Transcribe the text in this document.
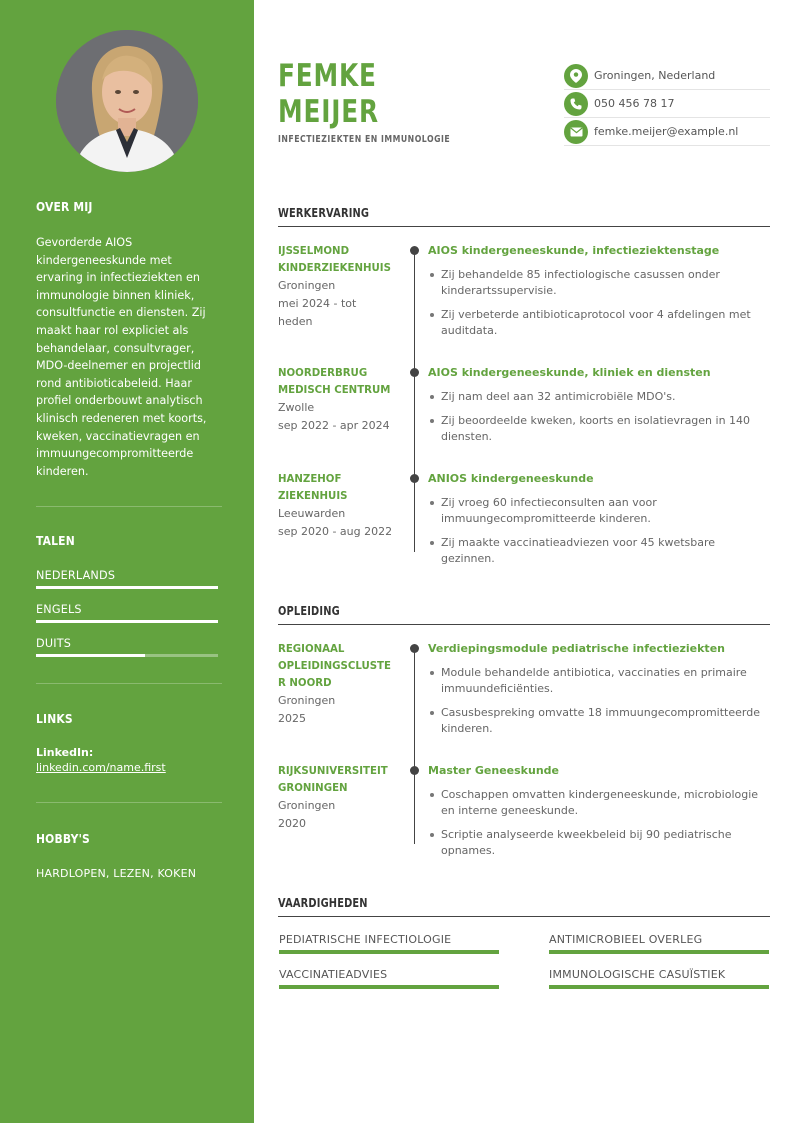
OVER MIJ

Gevorderde AIOS kindergeneeskunde met ervaring in infectieziekten en immunologie binnen kliniek, consultfunctie en diensten. Zij maakt haar rol expliciet als behandelaar, consultvrager, MDO-deelnemer en projectlid rond antibioticabeleid. Haar profiel onderbouwt analytisch klinisch redeneren met koorts, kweken, vaccinatievragen en immuungecompromitteerde kinderen.

TALEN
NEDERLANDS
ENGELS
DUITS
LINKS
LinkedIn:
linkedin.com/name.first
HOBBY'S
HARDLOPEN, LEZEN, KOKEN
FEMKE
MEIJER
INFECTIEZIEKTEN EN IMMUNOLOGIE
Groningen, Nederland
050 456 78 17
femke.meijer@example.nl
WERKERVARING
IJSSELMOND KINDERZIEKENHUIS
Groningen
mei 2024 - tot heden
AIOS kindergeneeskunde, infectieziektenstage
Zij behandelde 85 infectiologische casussen onder kinderartssupervisie.
Zij verbeterde antibioticaprotocol voor 4 afdelingen met auditdata.
NOORDERBRUG MEDISCH CENTRUM
Zwolle
sep 2022 - apr 2024
AIOS kindergeneeskunde, kliniek en diensten
Zij nam deel aan 32 antimicrobiële MDO's.
Zij beoordeelde kweken, koorts en isolatievragen in 140 diensten.
HANZEHOF ZIEKENHUIS
Leeuwarden
sep 2020 - aug 2022
ANIOS kindergeneeskunde
Zij vroeg 60 infectieconsulten aan voor immuungecompromitteerde kinderen.
Zij maakte vaccinatieadviezen voor 45 kwetsbare gezinnen.
OPLEIDING
REGIONAAL OPLEIDINGSCLUSTE R NOORD
Groningen
2025
Verdiepingsmodule pediatrische infectieziekten
Module behandelde antibiotica, vaccinaties en primaire immuundeficiënties.
Casusbespreking omvatte 18 immuungecompromitteerde kinderen.
RIJKSUNIVERSITEIT GRONINGEN
Groningen
2020
Master Geneeskunde
Coschappen omvatten kindergeneeskunde, microbiologie en interne geneeskunde.
Scriptie analyseerde kweekbeleid bij 90 pediatrische opnames.
VAARDIGHEDEN
PEDIATRISCHE INFECTIOLOGIE	ANTIMICROBIEEL OVERLEG
VACCINATIEADVIES	IMMUNOLOGISCHE CASUÏSTIEK
